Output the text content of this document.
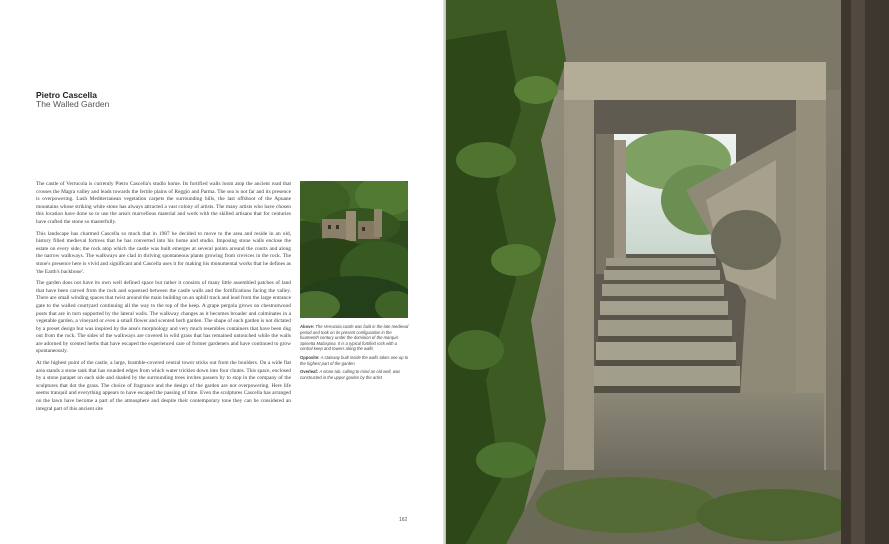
Pietro Cascella
The Walled Garden

The castle of Verrucola is currently Pietro Cascella's studio home. Its fortified walls loom atop the ancient road that crosses the Magra valley and leads towards the fertile plains of Reggio and Parma. The sea is not far and its presence is overpowering. Lush Mediterranean vegetation carpets the surrounding hills, the last offshoot of the Apuane mountains whose striking white stone has always attracted a vast colony of artists. The many artists who have chosen this location have done so to use the area's marvellous material and work with the skilled artisans that for centuries have crafted the stone so masterfully.

This landscape has charmed Cascella so much that in 1987 he decided to move to the area and reside in an old, history filled medieval fortress that he has converted into his home and studio. Imposing stone walls enclose the estate on every side; the rock atop which the castle was built emerges at several points around the courts and along the narrow walkways. The walkways are clad in thriving spontaneous plants growing from crevices in the rock. The stone's presence here is vivid and significant and Cascella uses it for making his monumental works that he defines as 'the Earth's backbone'.

The garden does not have its own well defined space but rather it consists of many little assembled patches of land that have been carved from the rock and squeezed between the castle walls and the fortifications facing the valley. There are small winding spaces that twist around the main building on an uphill track and lead from the large entrance gate to the walled courtyard continuing all the way to the top of the keep. A grape pergola grows on chestnutwood posts that are in turn supported by the lateral walls. The walkway changes as it becomes broader and culminates in a vegetable garden, a vineyard or even a small flower and scented herb garden. The shape of each garden is not dictated by a preset design but was inspired by the area's morphology and very much resembles containers that have been dug out from the rock. The sides of the walkways are covered in wild grass that has remained untouched while the walls are adorned by scented herbs that have escaped the experienced care of former gardeners and have continued to grow spontaneously.

At the highest point of the castle, a large, bramble-covered central tower sticks out from the boulders. On a wide flat area stands a stone tank that has rounded edges from which water trickles down into four chutes. This space, enclosed by a stone parapet on each side and shaded by the surrounding trees invites passers by to stop in the company of the sculptures that dot the grass. The choice of fragrance and the design of the garden are not overpowering. Here life seems tranquil and everything appears to have escaped the passing of time. Even the sculptures Cascella has arranged on the lawn have become a part of the atmosphere and despite their contemporary tone they can be considered an integral part of this ancient site

Above: The Verrucola castle was built in the late medieval period and took on its present configuration in the fourteenth century under the dominion of the marquis Spinetta Malaspina. It is a typical fortified rock with a central keep and towers along the walls

Opposite: A stairway built inside the walls takes one up to the highest part of the garden

Overleaf: A stone tub, calling to mind an old well, was constructed in the upper garden by the artist

162
